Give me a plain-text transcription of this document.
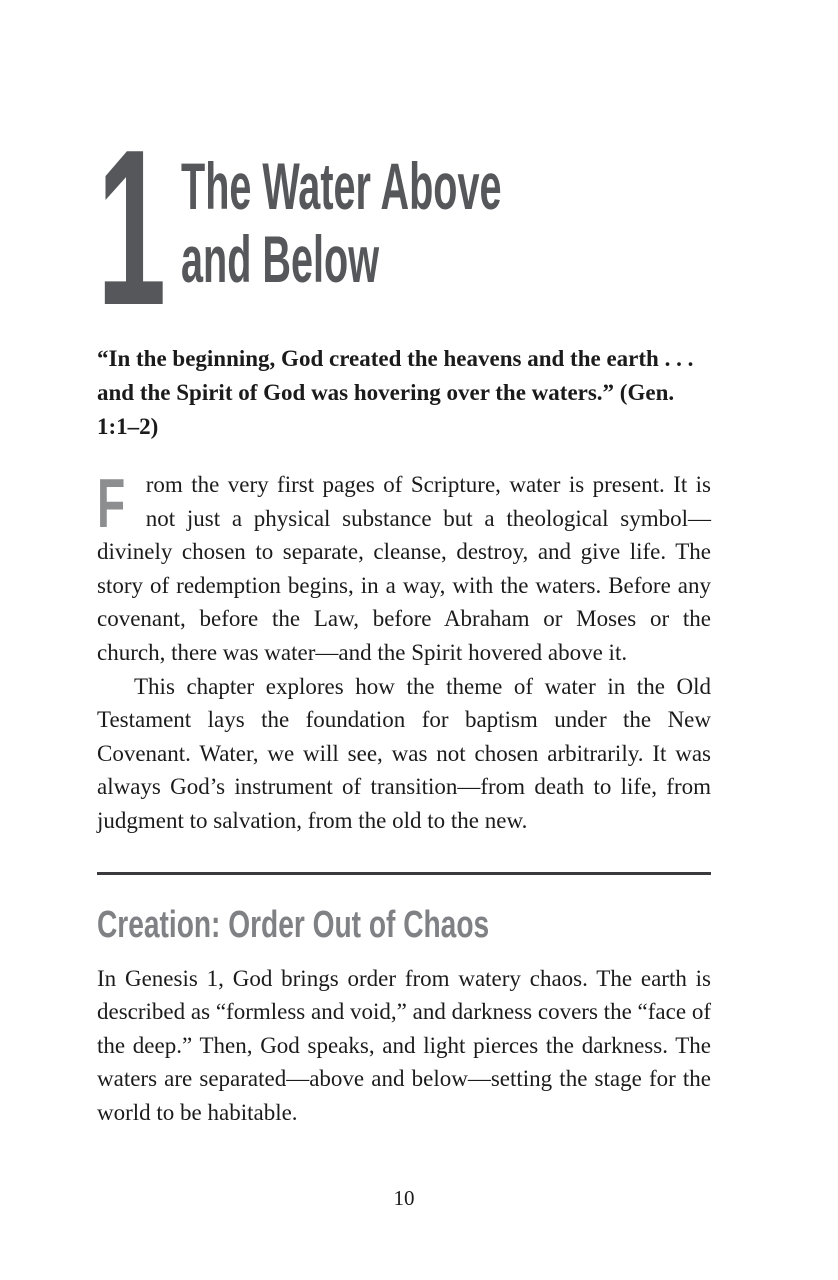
1 The Water Above
and Below

“In the beginning, God created the heavens and the earth . . . and the Spirit of God was hovering over the waters.” (Gen. 1:1–2)

From the very first pages of Scripture, water is present. It is not just a physical substance but a theological symbol—divinely chosen to separate, cleanse, destroy, and give life. The story of redemption begins, in a way, with the waters. Before any covenant, before the Law, before Abraham or Moses or the church, there was water—and the Spirit hovered above it.

This chapter explores how the theme of water in the Old Testament lays the foundation for baptism under the New Covenant. Water, we will see, was not chosen arbitrarily. It was always God’s instrument of transition—from death to life, from judgment to salvation, from the old to the new.

Creation: Order Out of Chaos

In Genesis 1, God brings order from watery chaos. The earth is described as “formless and void,” and darkness covers the “face of the deep.” Then, God speaks, and light pierces the darkness. The waters are separated—above and below—setting the stage for the world to be habitable.

10
